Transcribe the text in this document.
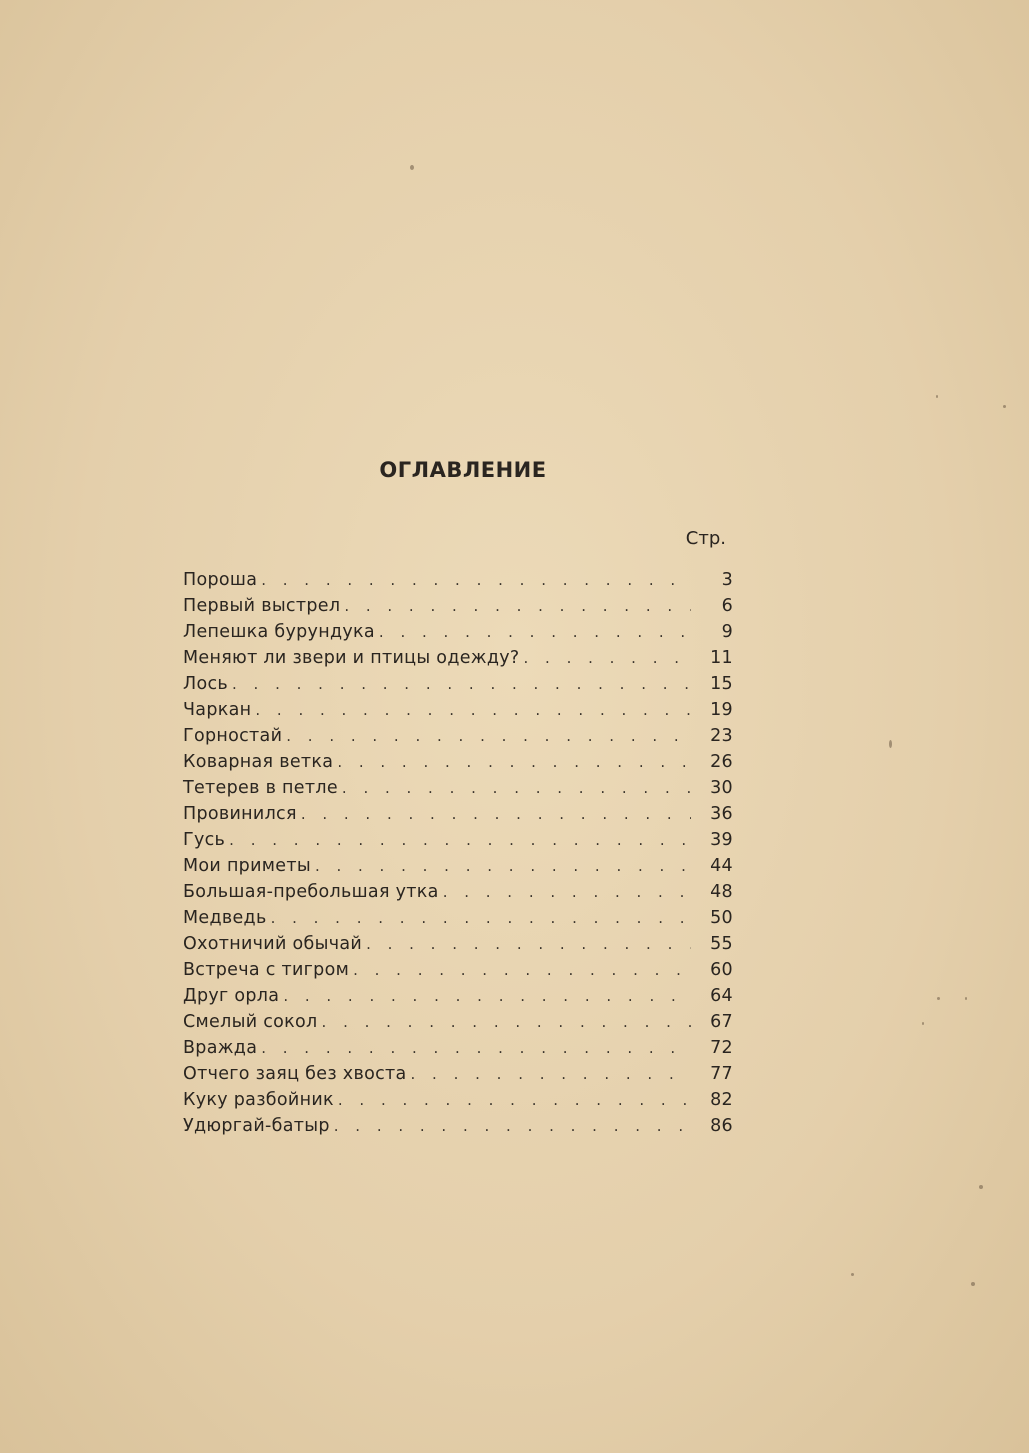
ОГЛАВЛЕНИЕ
Стр.
Пороша . . .	3
Первый выстрел . . .	6
Лепешка бурундука . . .	9
Меняют ли звери и птицы одежду? . . .	11
Лось . . .	15
Чаркан . . .	19
Горностай . . .	23
Коварная ветка . . .	26
Тетерев в петле . . .	30
Провинился . . .	36
Гусь . . .	39
Мои приметы . . .	44
Большая-пребольшая утка . . .	48
Медведь . . .	50
Охотничий обычай . . .	55
Встреча с тигром . . .	60
Друг орла . . .	64
Смелый сокол . . .	67
Вражда . . .	72
Отчего заяц без хвоста . . .	77
Куку разбойник . . .	82
Удюргай-батыр . . .	86
